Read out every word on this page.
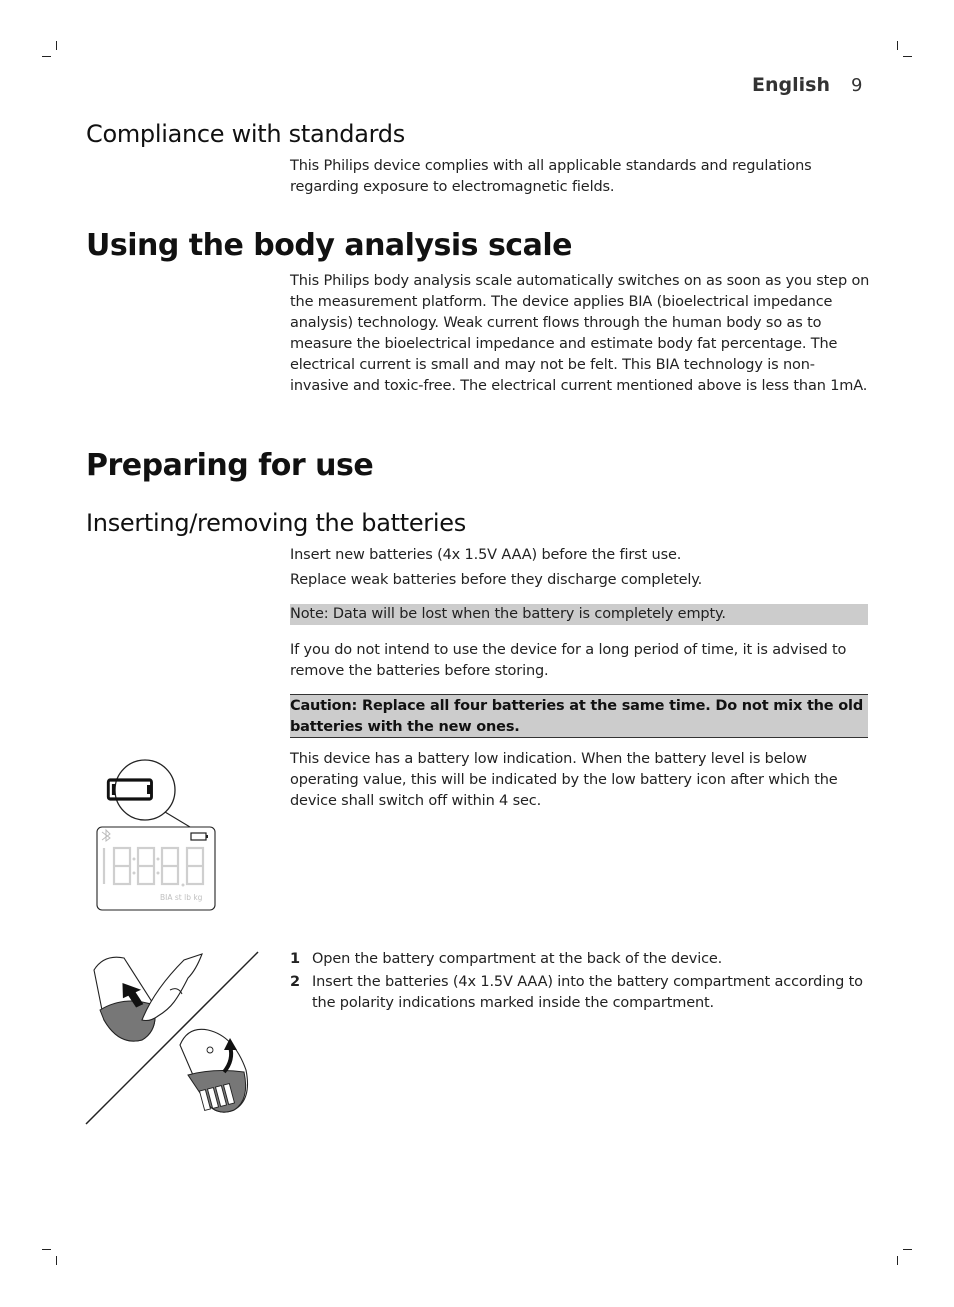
English 9
Compliance with standards
This Philips device complies with all applicable standards and regulations regarding exposure to electromagnetic fields.
Using the body analysis scale
This Philips body analysis scale automatically switches on as soon as you step on the measurement platform. The device applies BIA (bioelectrical impedance analysis) technology. Weak current flows through the human body so as to measure the bioelectrical impedance and estimate body fat percentage. The electrical current is small and may not be felt. This BIA technology is non-invasive and toxic-free. The electrical current mentioned above is less than 1mA.
Preparing for use
Inserting/removing the batteries
Insert new batteries (4x 1.5V AAA) before the first use.
Replace weak batteries before they discharge completely.
Note: Data will be lost when the battery is completely empty.
If you do not intend to use the device for a long period of time, it is advised to remove the batteries before storing.
Caution: Replace all four batteries at the same time. Do not mix the old batteries with the new ones.
This device has a battery low indication. When the battery level is below operating value, this will be indicated by the low battery icon after which the device shall switch off within 4 sec.
1 Open the battery compartment at the back of the device.
2 Insert the batteries (4x 1.5V AAA) into the battery compartment according to the polarity indications marked inside the compartment.
BIA st lb kg
